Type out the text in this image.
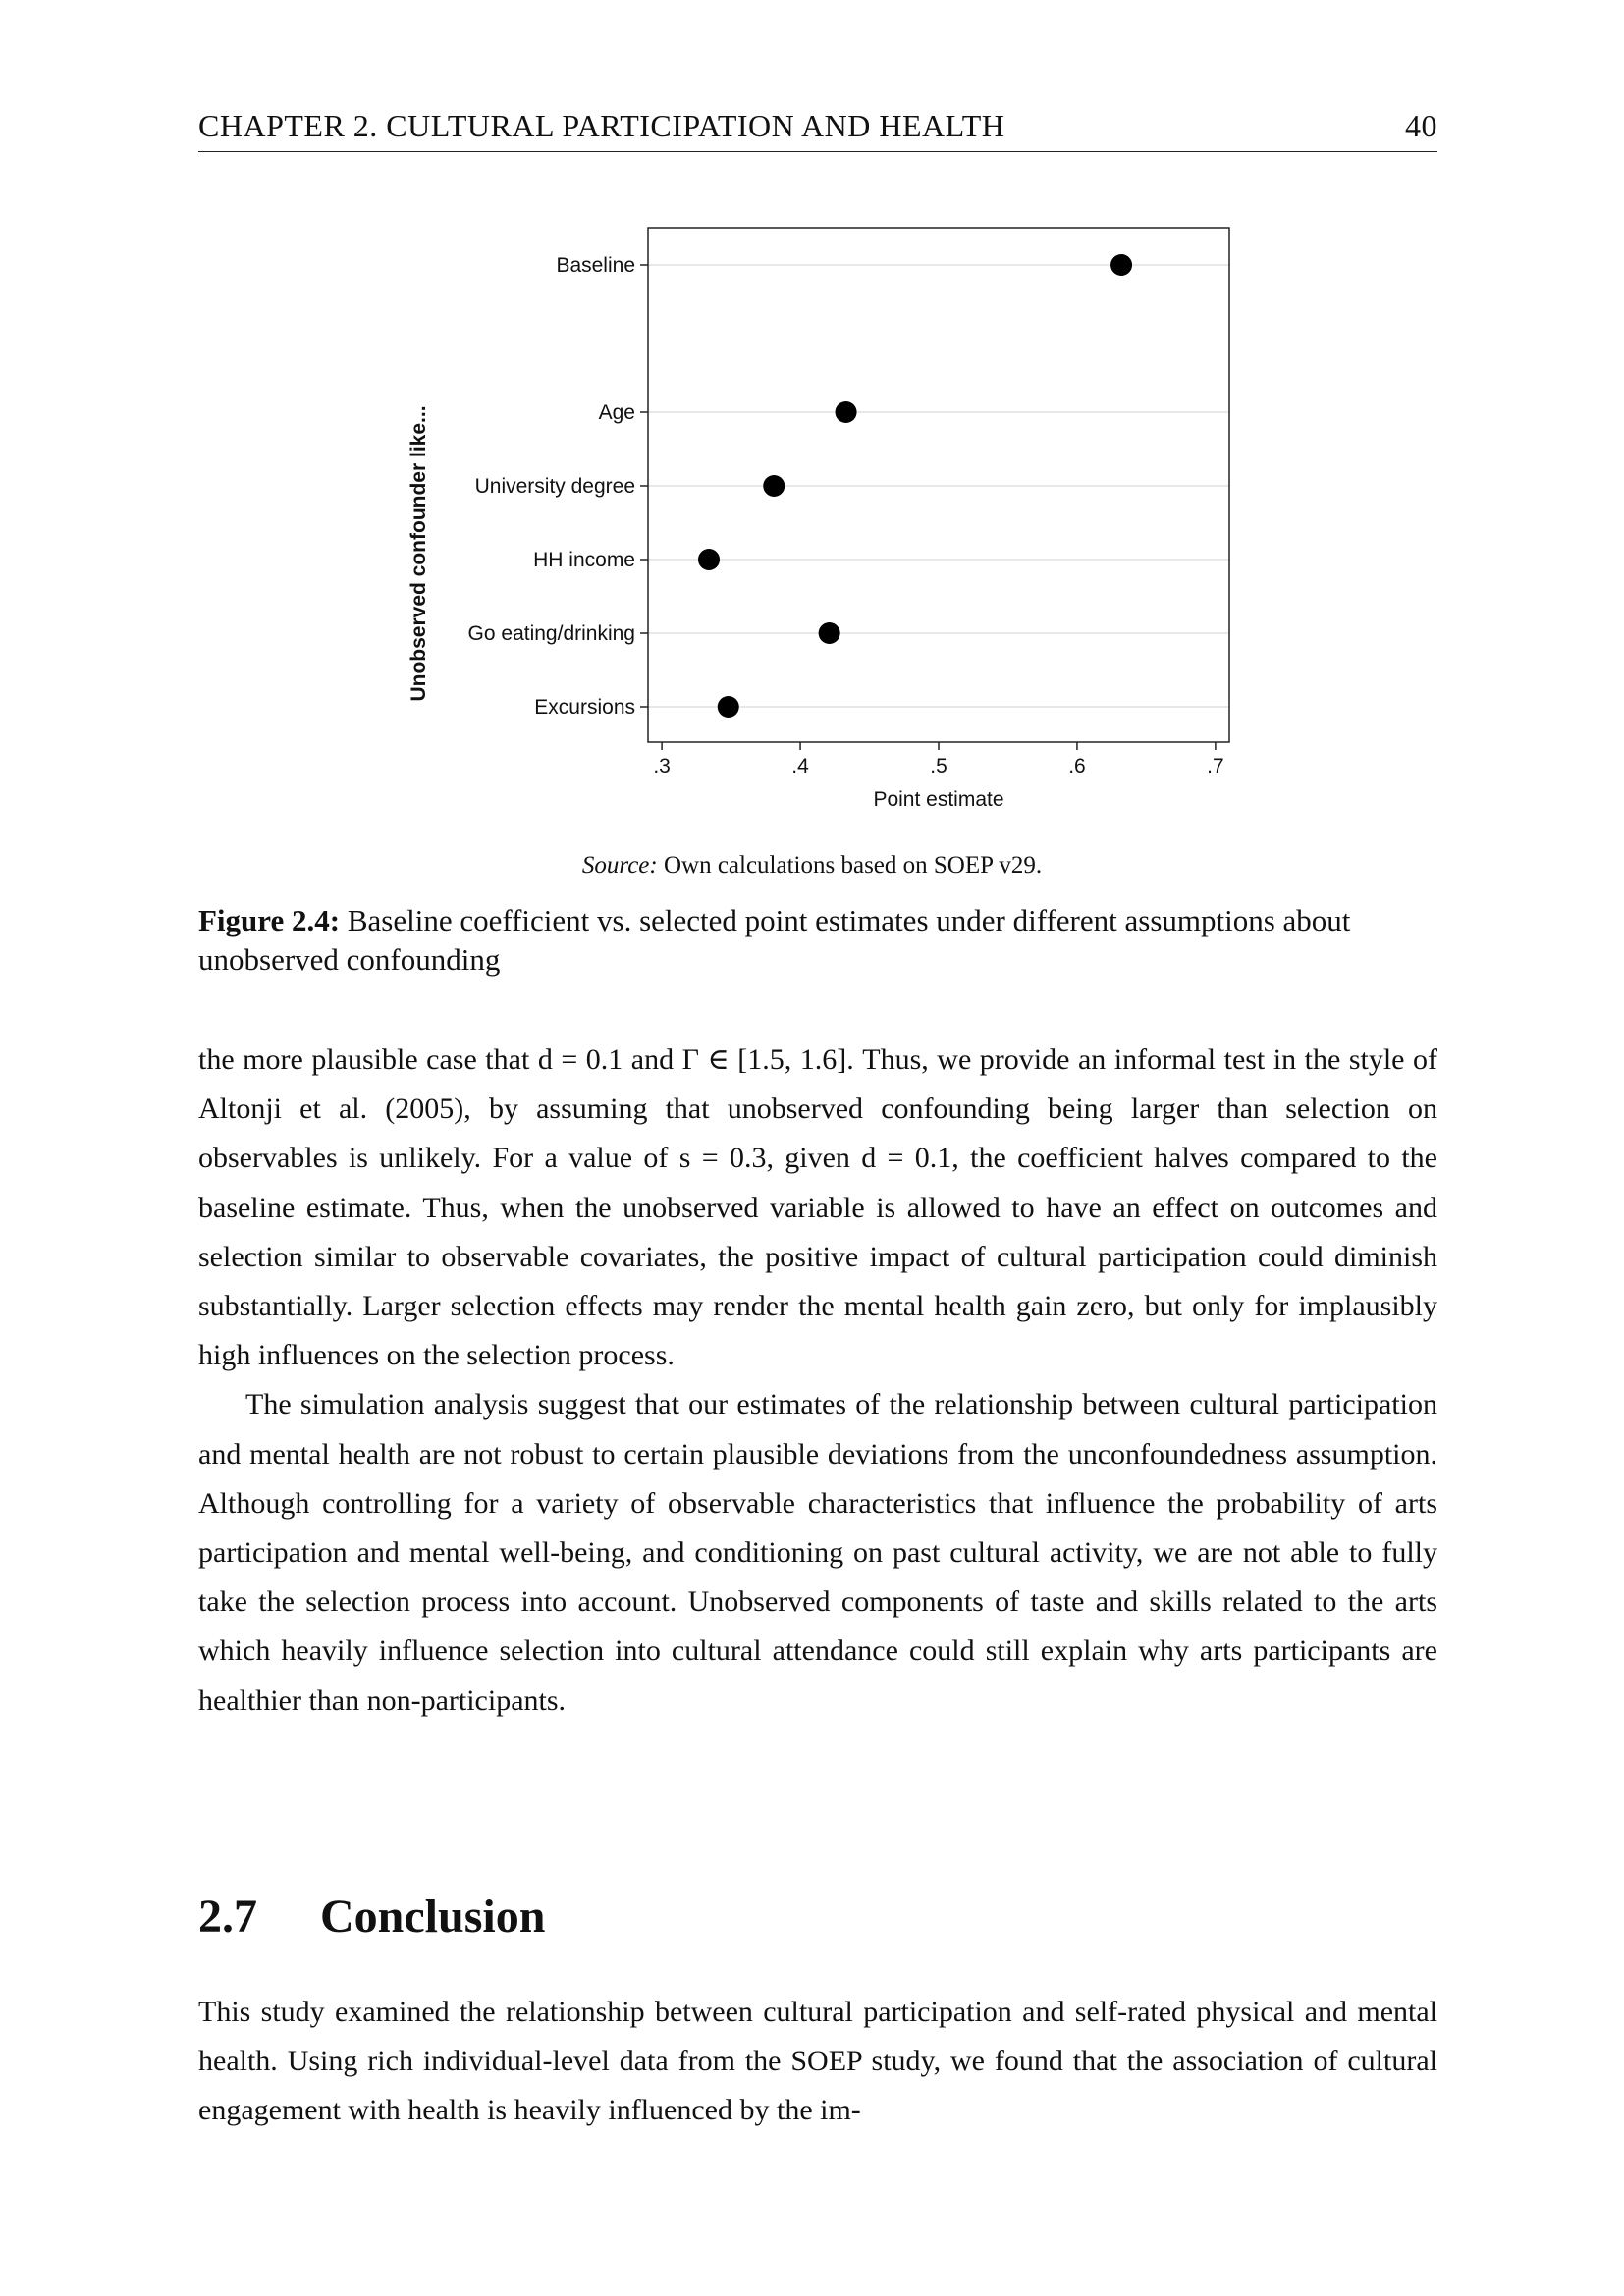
CHAPTER 2. CULTURAL PARTICIPATION AND HEALTH	40
Baseline
Age
University degree
HH income
Go eating/drinking
Excursions
.3	.4	.5	.6	.7
Point estimate
Unobserved confounder like...
Source: Own calculations based on SOEP v29.
Figure 2.4: Baseline coefficient vs. selected point estimates under different assumptions about unobserved confounding

the more plausible case that d = 0.1 and Γ ∈ [1.5, 1.6]. Thus, we provide an informal test in the style of Altonji et al. (2005), by assuming that unobserved confounding being larger than selection on observables is unlikely. For a value of s = 0.3, given d = 0.1, the coefficient halves compared to the baseline estimate. Thus, when the unobserved variable is allowed to have an effect on outcomes and selection similar to observable covariates, the positive impact of cultural participation could diminish substantially. Larger selection effects may render the mental health gain zero, but only for implausibly high influences on the selection process.

The simulation analysis suggest that our estimates of the relationship between cultural participation and mental health are not robust to certain plausible deviations from the unconfoundedness assumption. Although controlling for a variety of observable characteristics that influence the probability of arts participation and mental well-being, and conditioning on past cultural activity, we are not able to fully take the selection process into account. Unobserved components of taste and skills related to the arts which heavily influence selection into cultural attendance could still explain why arts participants are healthier than non-participants.

2.7 Conclusion

This study examined the relationship between cultural participation and self-rated physical and mental health. Using rich individual-level data from the SOEP study, we found that the association of cultural engagement with health is heavily influenced by the im-
